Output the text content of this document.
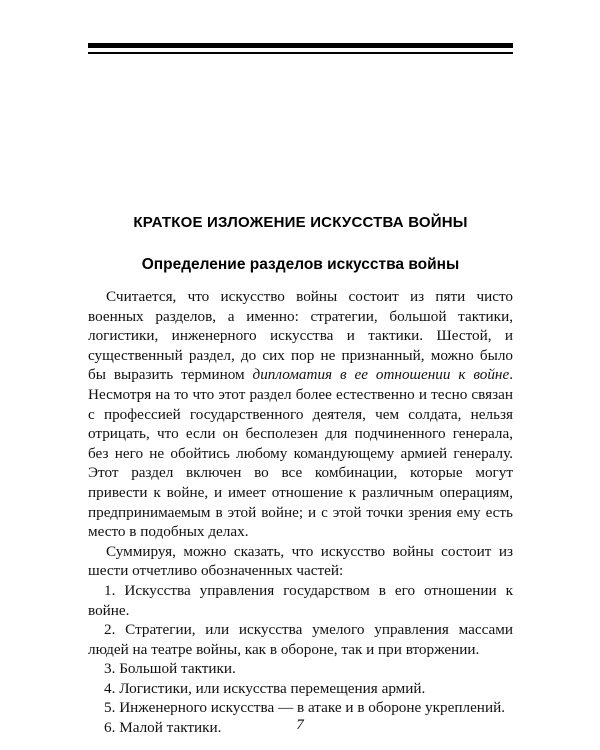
КРАТКОЕ ИЗЛОЖЕНИЕ ИСКУССТВА ВОЙНЫ
Определение разделов искусства войны

Считается, что искусство войны состоит из пяти чисто военных разделов, а именно: стратегии, большой тактики, логистики, инженерного искусства и тактики. Шестой, и существенный раздел, до сих пор не признанный, можно было бы выразить термином дипломатия в ее отношении к войне. Несмотря на то что этот раздел более естественно и тесно связан с профессией государственного деятеля, чем солдата, нельзя отрицать, что если он бесполезен для подчиненного генерала, без него не обойтись любому командующему армией генералу. Этот раздел включен во все комбинации, которые могут привести к войне, и имеет отношение к различным операциям, предпринимаемым в этой войне; и с этой точки зрения ему есть место в подобных делах.

Суммируя, можно сказать, что искусство войны состоит из шести отчетливо обозначенных частей:

1. Искусства управления государством в его отношении к войне.

2. Стратегии, или искусства умелого управления массами людей на театре войны, как в обороне, так и при вторжении.

3. Большой тактики.

4. Логистики, или искусства перемещения армий.

5. Инженерного искусства — в атаке и в обороне укреплений.

6. Малой тактики.	7
